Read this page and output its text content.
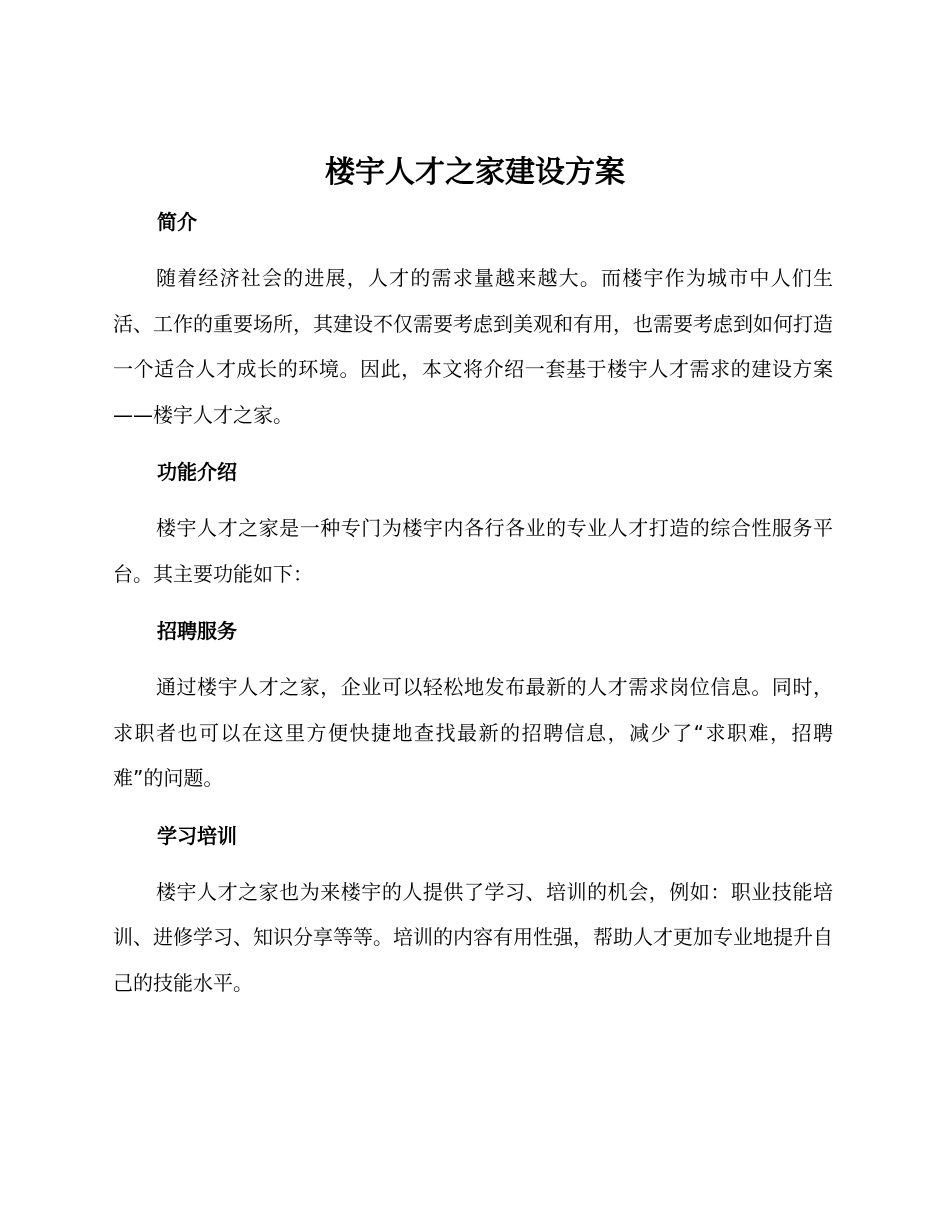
楼宇人才之家建设方案
简介

随着经济社会的进展，人才的需求量越来越大。而楼宇作为城市中人们生活、工作的重要场所，其建设不仅需要考虑到美观和有用，也需要考虑到如何打造一个适合人才成长的环境。因此，本文将介绍一套基于楼宇人才需求的建设方案——楼宇人才之家。

功能介绍

楼宇人才之家是一种专门为楼宇内各行各业的专业人才打造的综合性服务平台。其主要功能如下：

招聘服务

通过楼宇人才之家，企业可以轻松地发布最新的人才需求岗位信息。同时，求职者也可以在这里方便快捷地查找最新的招聘信息，减少了“求职难，招聘难”的问题。

学习培训

楼宇人才之家也为来楼宇的人提供了学习、培训的机会，例如：职业技能培训、进修学习、知识分享等等。培训的内容有用性强，帮助人才更加专业地提升自己的技能水平。
